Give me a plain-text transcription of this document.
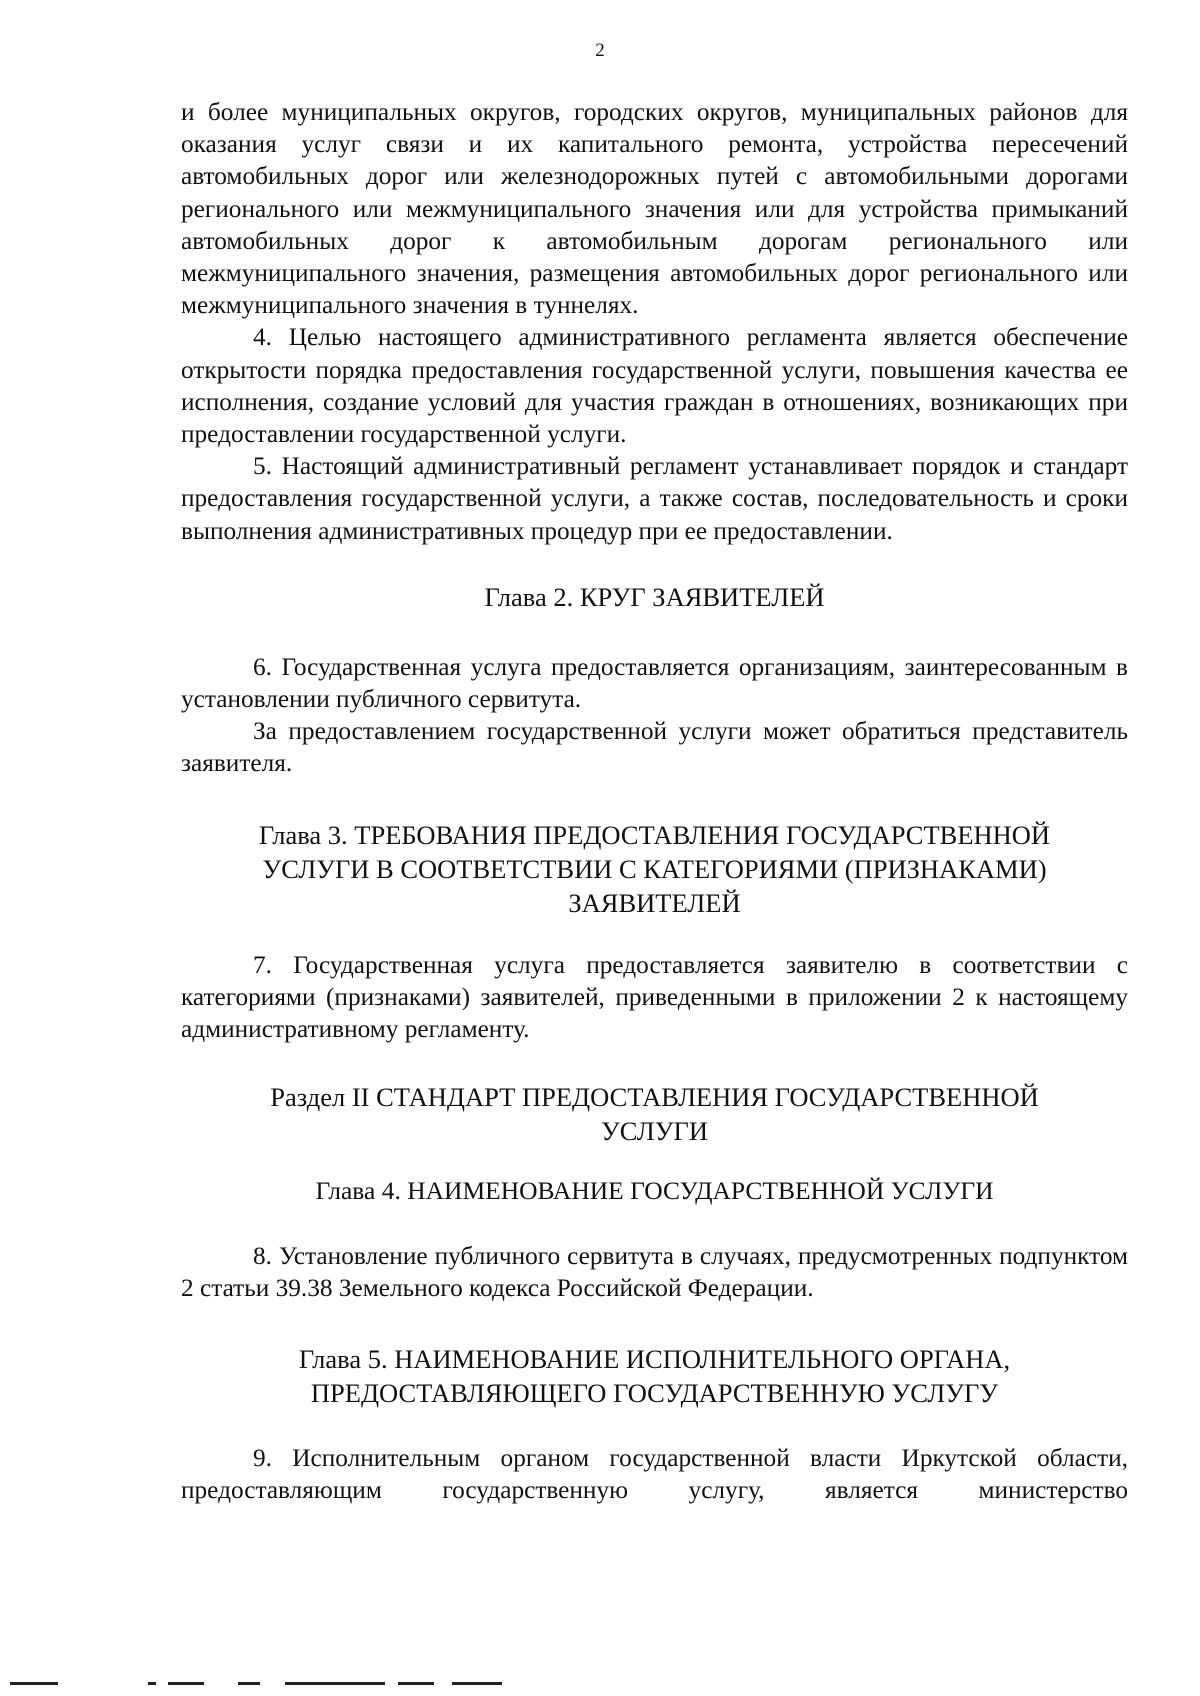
2

и более муниципальных округов, городских округов, муниципальных районов для оказания услуг связи и их капитального ремонта, устройства пересечений автомобильных дорог или железнодорожных путей с автомобильными дорогами регионального или межмуниципального значения или для устройства примыканий автомобильных дорог к автомобильным дорогам регионального или межмуниципального значения, размещения автомобильных дорог регионального или межмуниципального значения в туннелях.

4. Целью настоящего административного регламента является обеспечение открытости порядка предоставления государственной услуги, повышения качества ее исполнения, создание условий для участия граждан в отношениях, возникающих при предоставлении государственной услуги.

5. Настоящий административный регламент устанавливает порядок и стандарт предоставления государственной услуги, а также состав, последовательность и сроки выполнения административных процедур при ее предоставлении.

Глава 2. КРУГ ЗАЯВИТЕЛЕЙ

6. Государственная услуга предоставляется организациям, заинтересованным в установлении публичного сервитута.

За предоставлением государственной услуги может обратиться представитель заявителя.

Глава 3. ТРЕБОВАНИЯ ПРЕДОСТАВЛЕНИЯ ГОСУДАРСТВЕННОЙ

УСЛУГИ В СООТВЕТСТВИИ С КАТЕГОРИЯМИ (ПРИЗНАКАМИ)

ЗАЯВИТЕЛЕЙ

7. Государственная услуга предоставляется заявителю в соответствии с категориями (признаками) заявителей, приведенными в приложении 2 к настоящему административному регламенту.

Раздел II СТАНДАРТ ПРЕДОСТАВЛЕНИЯ ГОСУДАРСТВЕННОЙ

УСЛУГИ

Глава 4. НАИМЕНОВАНИЕ ГОСУДАРСТВЕННОЙ УСЛУГИ

8. Установление публичного сервитута в случаях, предусмотренных подпунктом 2 статьи 39.38 Земельного кодекса Российской Федерации.

Глава 5. НАИМЕНОВАНИЕ ИСПОЛНИТЕЛЬНОГО ОРГАНА,

ПРЕДОСТАВЛЯЮЩЕГО ГОСУДАРСТВЕННУЮ УСЛУГУ

9. Исполнительным органом государственной власти Иркутской области, предоставляющим государственную услугу, является министерство
